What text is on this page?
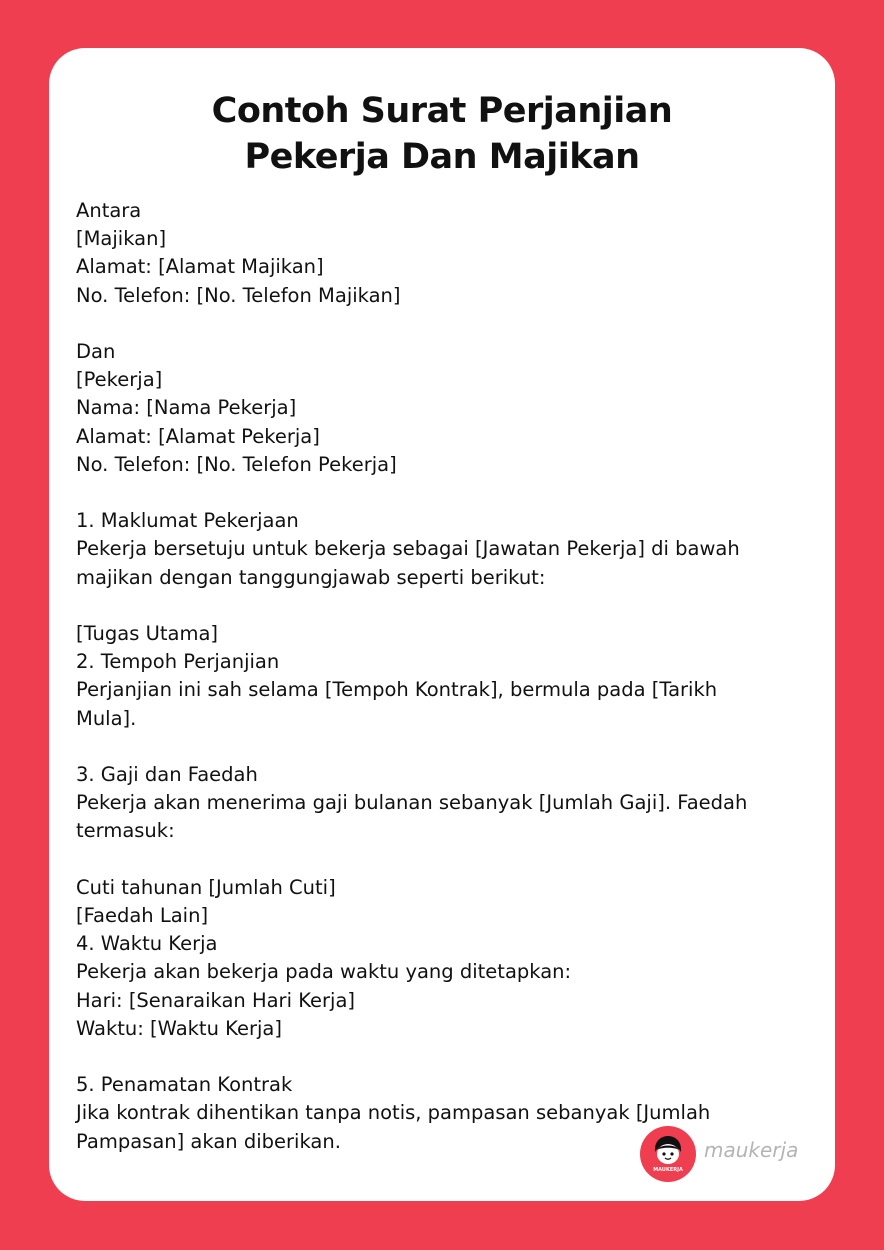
Contoh Surat Perjanjian
Pekerja Dan Majikan
Antara
[Majikan]
Alamat: [Alamat Majikan]
No. Telefon: [No. Telefon Majikan]
Dan
[Pekerja]
Nama: [Nama Pekerja]
Alamat: [Alamat Pekerja]
No. Telefon: [No. Telefon Pekerja]
1. Maklumat Pekerjaan
Pekerja bersetuju untuk bekerja sebagai [Jawatan Pekerja] di bawah
majikan dengan tanggungjawab seperti berikut:
[Tugas Utama]
2. Tempoh Perjanjian
Perjanjian ini sah selama [Tempoh Kontrak], bermula pada [Tarikh
Mula].
3. Gaji dan Faedah
Pekerja akan menerima gaji bulanan sebanyak [Jumlah Gaji]. Faedah
termasuk:
Cuti tahunan [Jumlah Cuti]
[Faedah Lain]
4. Waktu Kerja
Pekerja akan bekerja pada waktu yang ditetapkan:
Hari: [Senaraikan Hari Kerja]
Waktu: [Waktu Kerja]
5. Penamatan Kontrak
Jika kontrak dihentikan tanpa notis, pampasan sebanyak [Jumlah
Pampasan] akan diberikan.
MAUKERJA
maukerja
